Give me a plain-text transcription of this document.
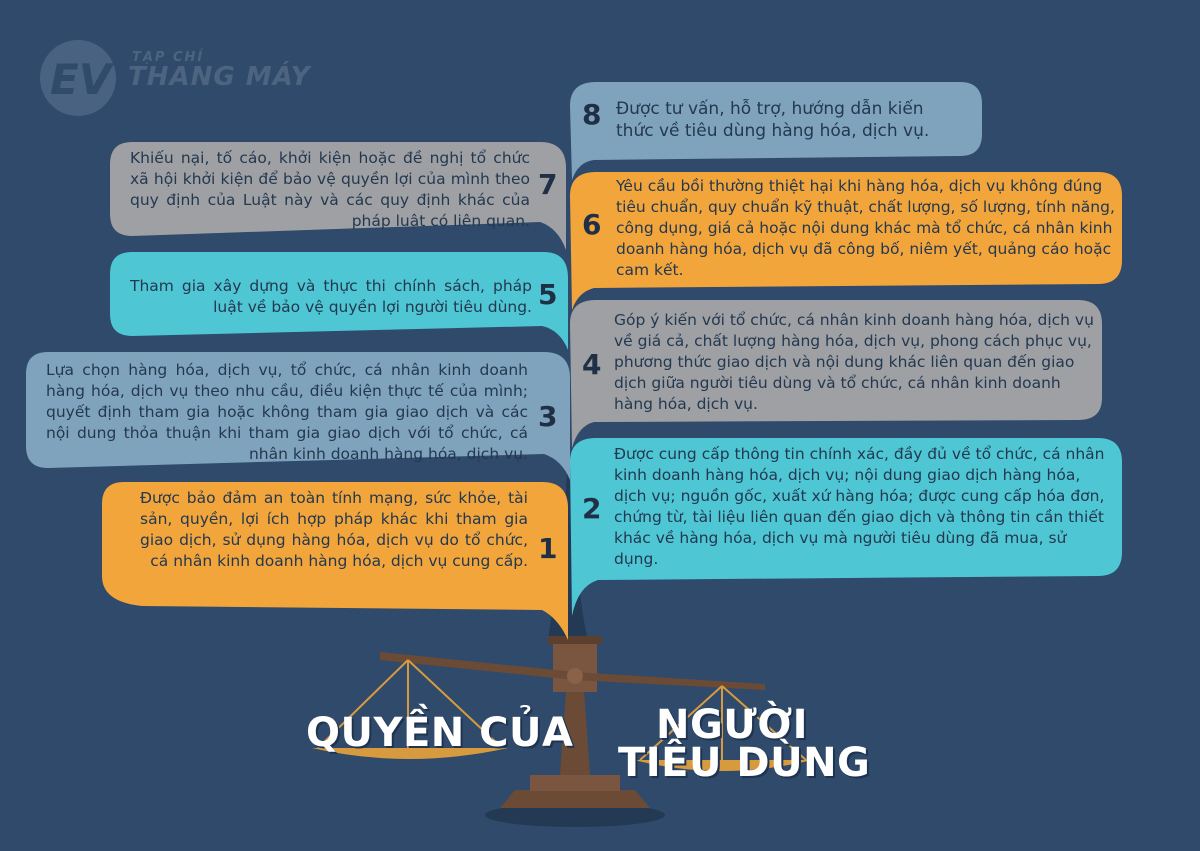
EV TẠP CHÍ
THANG MÁY
Khiếu nại, tố cáo, khởi kiện hoặc đề nghị tổ chức xã hội khởi kiện để bảo vệ quyền lợi của mình theo quy định của Luật này và các quy định khác của pháp luật có liên quan.
7
Tham gia xây dựng và thực thi chính sách, pháp luật về bảo vệ quyền lợi người tiêu dùng. 5
Lựa chọn hàng hóa, dịch vụ, tổ chức, cá nhân kinh doanh hàng hóa, dịch vụ theo nhu cầu, điều kiện thực tế của mình; quyết định tham gia hoặc không tham gia giao dịch và các nội dung thỏa thuận khi tham gia giao dịch với tổ chức, cá nhân kinh doanh hàng hóa, dịch vụ.
3
Được bảo đảm an toàn tính mạng, sức khỏe, tài sản, quyền, lợi ích hợp pháp khác khi tham gia giao dịch, sử dụng hàng hóa, dịch vụ do tổ chức, cá nhân kinh doanh hàng hóa, dịch vụ cung cấp. 1
8 Được tư vấn, hỗ trợ, hướng dẫn kiến thức về tiêu dùng hàng hóa, dịch vụ.
6
Yêu cầu bồi thường thiệt hại khi hàng hóa, dịch vụ không đúng tiêu chuẩn, quy chuẩn kỹ thuật, chất lượng, số lượng, tính năng, công dụng, giá cả hoặc nội dung khác mà tổ chức, cá nhân kinh doanh hàng hóa, dịch vụ đã công bố, niêm yết, quảng cáo hoặc cam kết.
4
Góp ý kiến với tổ chức, cá nhân kinh doanh hàng hóa, dịch vụ về giá cả, chất lượng hàng hóa, dịch vụ, phong cách phục vụ, phương thức giao dịch và nội dung khác liên quan đến giao dịch giữa người tiêu dùng và tổ chức, cá nhân kinh doanh hàng hóa, dịch vụ.
2
Được cung cấp thông tin chính xác, đầy đủ về tổ chức, cá nhân kinh doanh hàng hóa, dịch vụ; nội dung giao dịch hàng hóa, dịch vụ; nguồn gốc, xuất xứ hàng hóa; được cung cấp hóa đơn, chứng từ, tài liệu liên quan đến giao dịch và thông tin cần thiết khác về hàng hóa, dịch vụ mà người tiêu dùng đã mua, sử dụng.
QUYỀN CỦA NGƯỜI
TIÊU DÙNG
